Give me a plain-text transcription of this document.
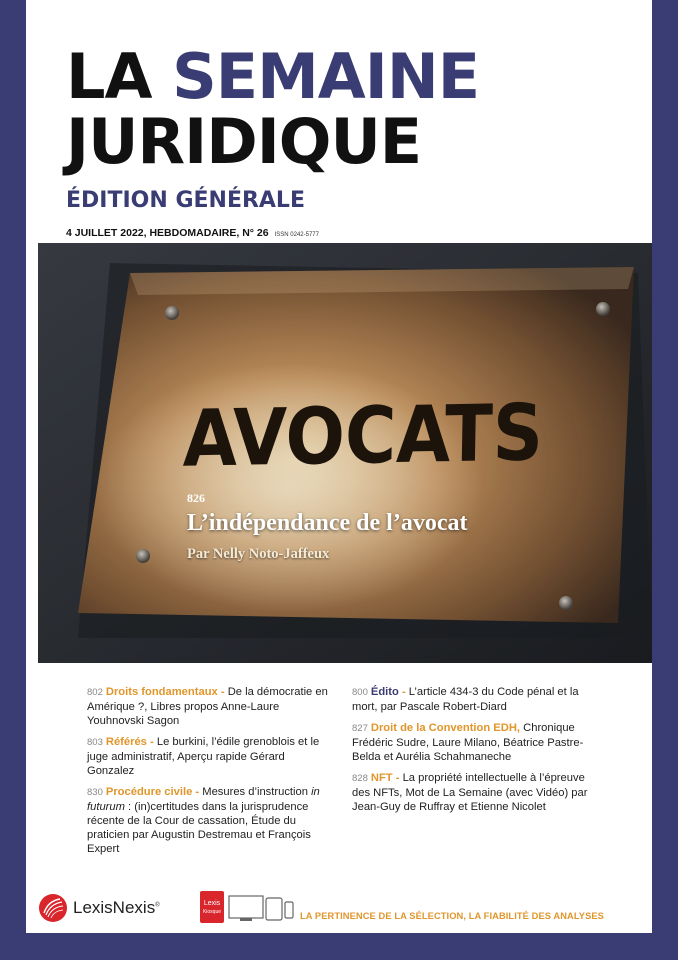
LA SEMAINE
JURIDIQUE
ÉDITION GÉNÉRALE
4 JUILLET 2022, HEBDOMADAIRE, N° 26 ISSN 0242-5777
AVOCATS
826
L’indépendance de l’avocat
Par Nelly Noto-Jaffeux
802 Droits fondamentaux - De la démocratie en Amérique ?, Libres propos Anne-Laure Youhnovski Sagon
803 Référés - Le burkini, l’édile grenoblois et le juge administratif, Aperçu rapide Gérard Gonzalez
830 Procédure civile - Mesures d’instruction in futurum : (in)certitudes dans la jurisprudence récente de la Cour de cassation, Étude du praticien par Augustin Destremau et François Expert
800 Édito - L’article 434-3 du Code pénal et la mort, par Pascale Robert-Diard
827 Droit de la Convention EDH, Chronique Frédéric Sudre, Laure Milano, Béatrice Pastre-Belda et Aurélia Schahmaneche
828 NFT - La propriété intellectuelle à l’épreuve des NFTs, Mot de La Semaine (avec Vidéo) par Jean-Guy de Ruffray et Etienne Nicolet
LexisNexis ®	Lexis
Kiosque	LA PERTINENCE DE LA SÉLECTION, LA FIABILITÉ DES ANALYSES
